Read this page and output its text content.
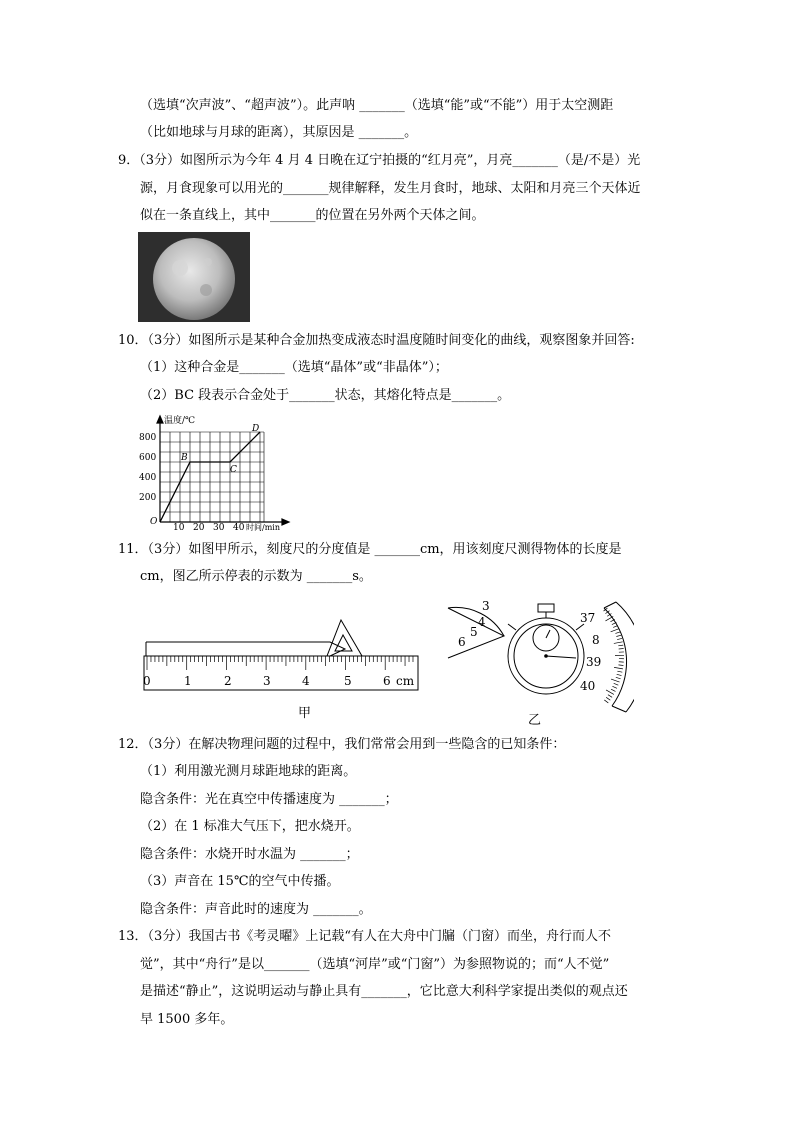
（选填“次声波”、“超声波”）。此声呐 _______（选填“能”或“不能”）用于太空测距
（比如地球与月球的距离），其原因是 _______。
9．（3分）如图所示为今年 4 月 4 日晚在辽宁拍摄的“红月亮”，月亮_______（是/不是）光
源，月食现象可以用光的_______规律解释，发生月食时，地球、太阳和月亮三个天体近
似在一条直线上，其中_______的位置在另外两个天体之间。
10．（3分）如图所示是某种合金加热变成液态时温度随时间变化的曲线，观察图象并回答:
（1）这种合金是_______（选填“晶体”或“非晶体”）；
（2）BC 段表示合金处于_______状态，其熔化特点是_______。
温度/℃
800
600
400
200
O
10 20 30 40 时间/min
B
C
D
11．（3分）如图甲所示，刻度尺的分度值是 _______cm，用该刻度尺测得物体的长度是
cm，图乙所示停表的示数为 _______s。
0	1	2	3	4	5	6 cm
甲
3
4
5
6
37
8
39
40
乙
12．（3分）在解决物理问题的过程中，我们常常会用到一些隐含的已知条件：
（1）利用激光测月球距地球的距离。
隐含条件：光在真空中传播速度为 _______；
（2）在 1 标准大气压下，把水烧开。
隐含条件：水烧开时水温为 _______；
（3）声音在 15℃的空气中传播。
隐含条件：声音此时的速度为 _______。
13．（3分）我国古书《考灵曜》上记载“有人在大舟中门牖（门窗）而坐，舟行而人不
觉”，其中“舟行”是以_______（选填“河岸”或“门窗”）为参照物说的；而“人不觉”
是描述“静止”，这说明运动与静止具有_______，它比意大利科学家提出类似的观点还
早 1500 多年。
